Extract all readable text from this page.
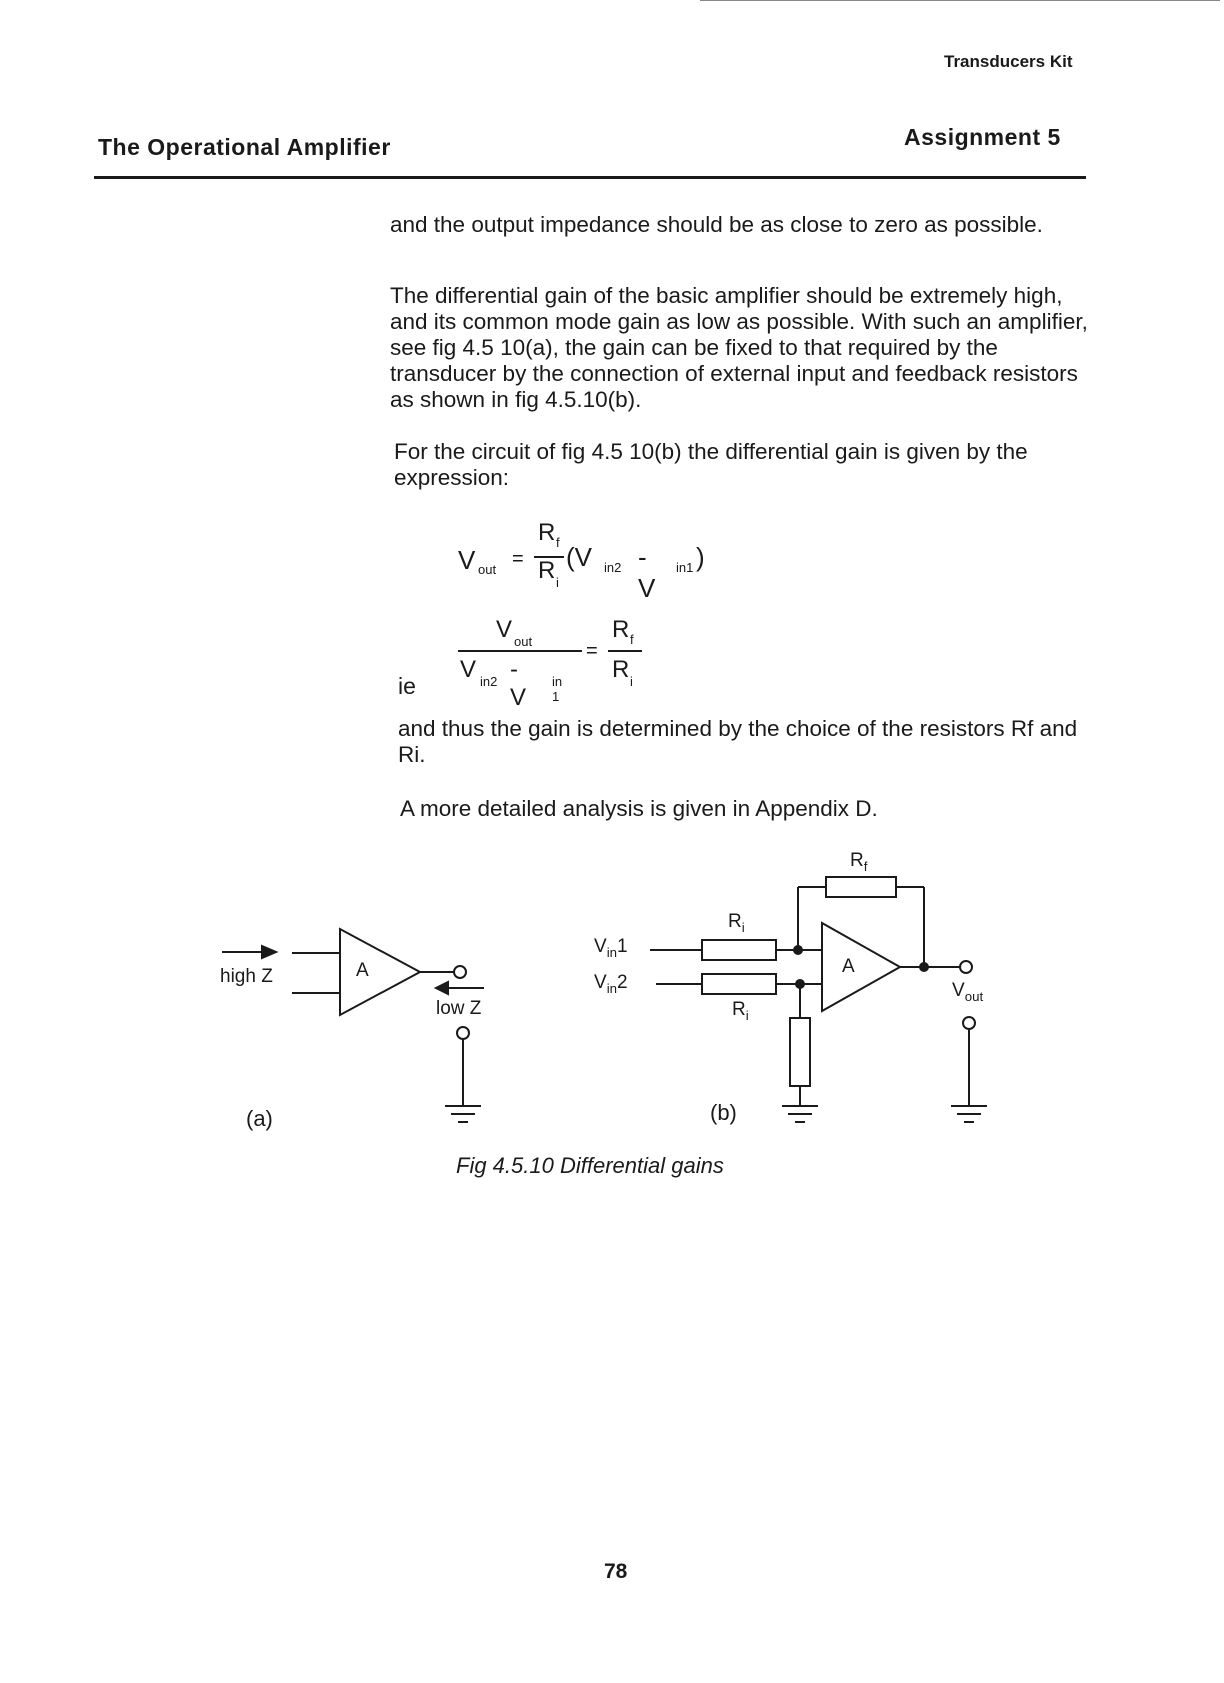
Transducers Kit
The Operational Amplifier	Assignment 5
and the output impedance should be as close to zero as possible.
The differential gain of the basic amplifier should be extremely high, and its common mode gain as low as possible. With such an amplifier, see fig 4.5 10(a), the gain can be fixed to that required by the transducer by the connection of external input and feedback resistors as shown in fig 4.5.10(b).
For the circuit of fig 4.5 10(b) the differential gain is given by the expression:
V out =
R f
R i
(V in2 -V
in1 )
ie
V out
V in2 - V
in 1
=
R f
R i
and thus the gain is determined by the choice of the resistors Rf and Ri.
A more detailed analysis is given in Appendix D.
A
high Z
low Z
(a)
A
$R_f$
$R_i$
$R_i$
$V_{in}1$
$V_{in}2$	$V_{out}$
(b)
Fig 4.5.10 Differential gains
78
